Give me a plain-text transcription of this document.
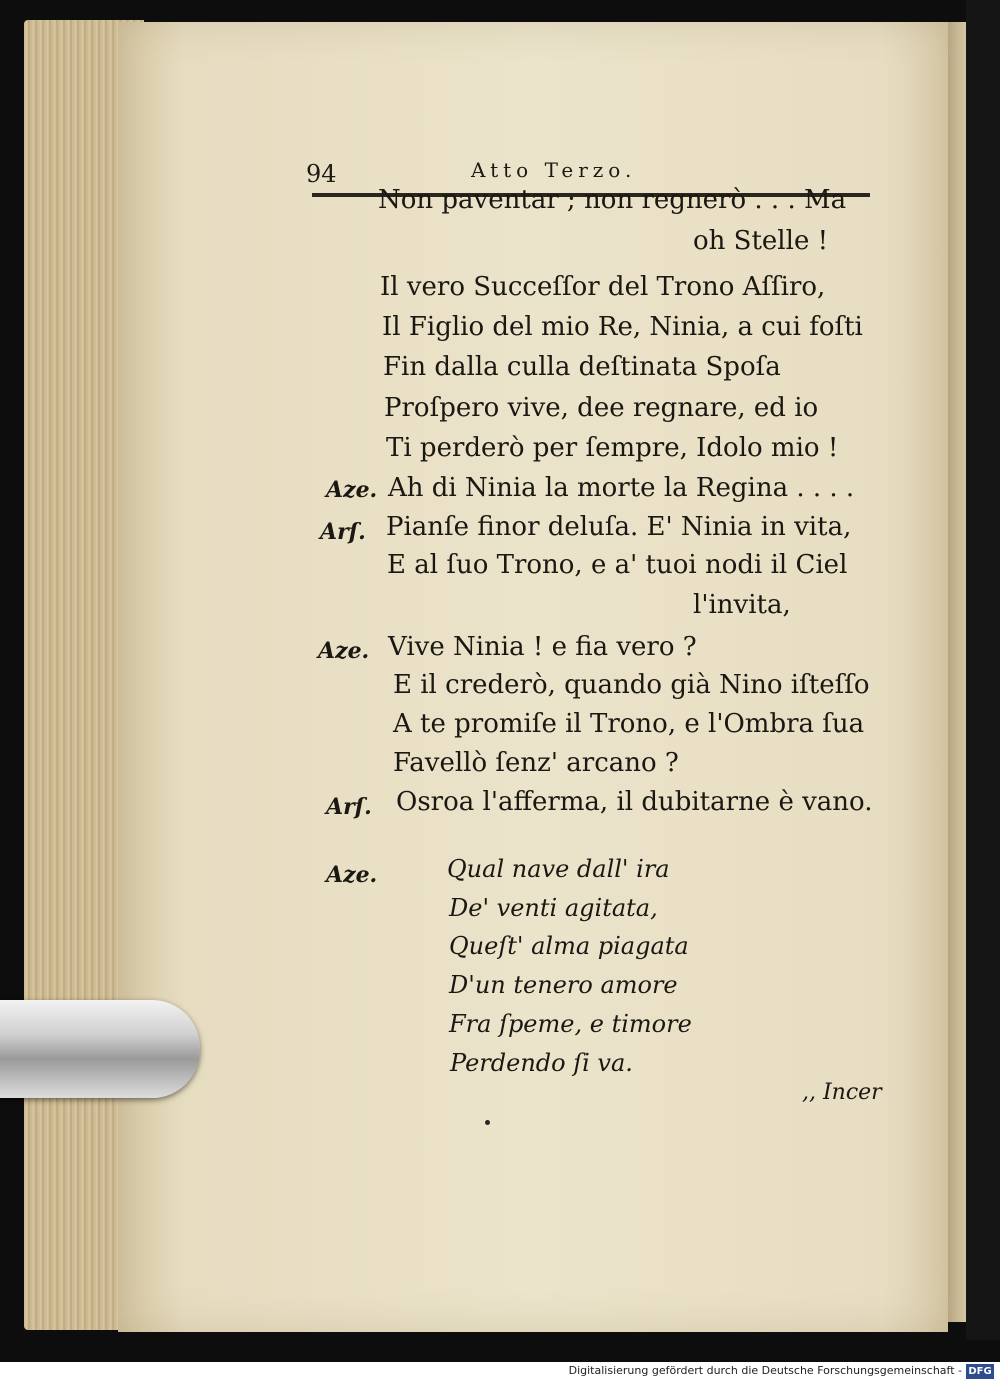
94	Atto Terzo.
Non paventar ; non regnerò . . . Ma
oh Stelle !
Il vero Succeſſor del Trono Aſſiro,
Il Figlio del mio Re, Ninia, a cui foſti
Fin dalla culla deſtinata Spoſa
Proſpero vive, dee regnare, ed io
Ti perderò per ſempre, Idolo mio !
Aze. Ah di Ninia la morte la Regina . . . .
Arſ. Pianſe finor deluſa. E' Ninia in vita,
E al ſuo Trono, e a' tuoi nodi il Ciel
l'invita,
Aze. Vive Ninia ! e fia vero ?
E il crederò, quando già Nino iſteſſo
A te promiſe il Trono, e l'Ombra ſua
Favellò ſenz' arcano ?
Arſ. Osroa l'afferma, il dubitarne è vano.
Aze.	Qual nave dall' ira
De' venti agitata,
Queſt' alma piagata
D'un tenero amore
Fra ſpeme, e timore
Perdendo ſi va.
,, Incer
Digitalisierung gefördert durch die Deutsche Forschungsgemeinschaft - DFG
